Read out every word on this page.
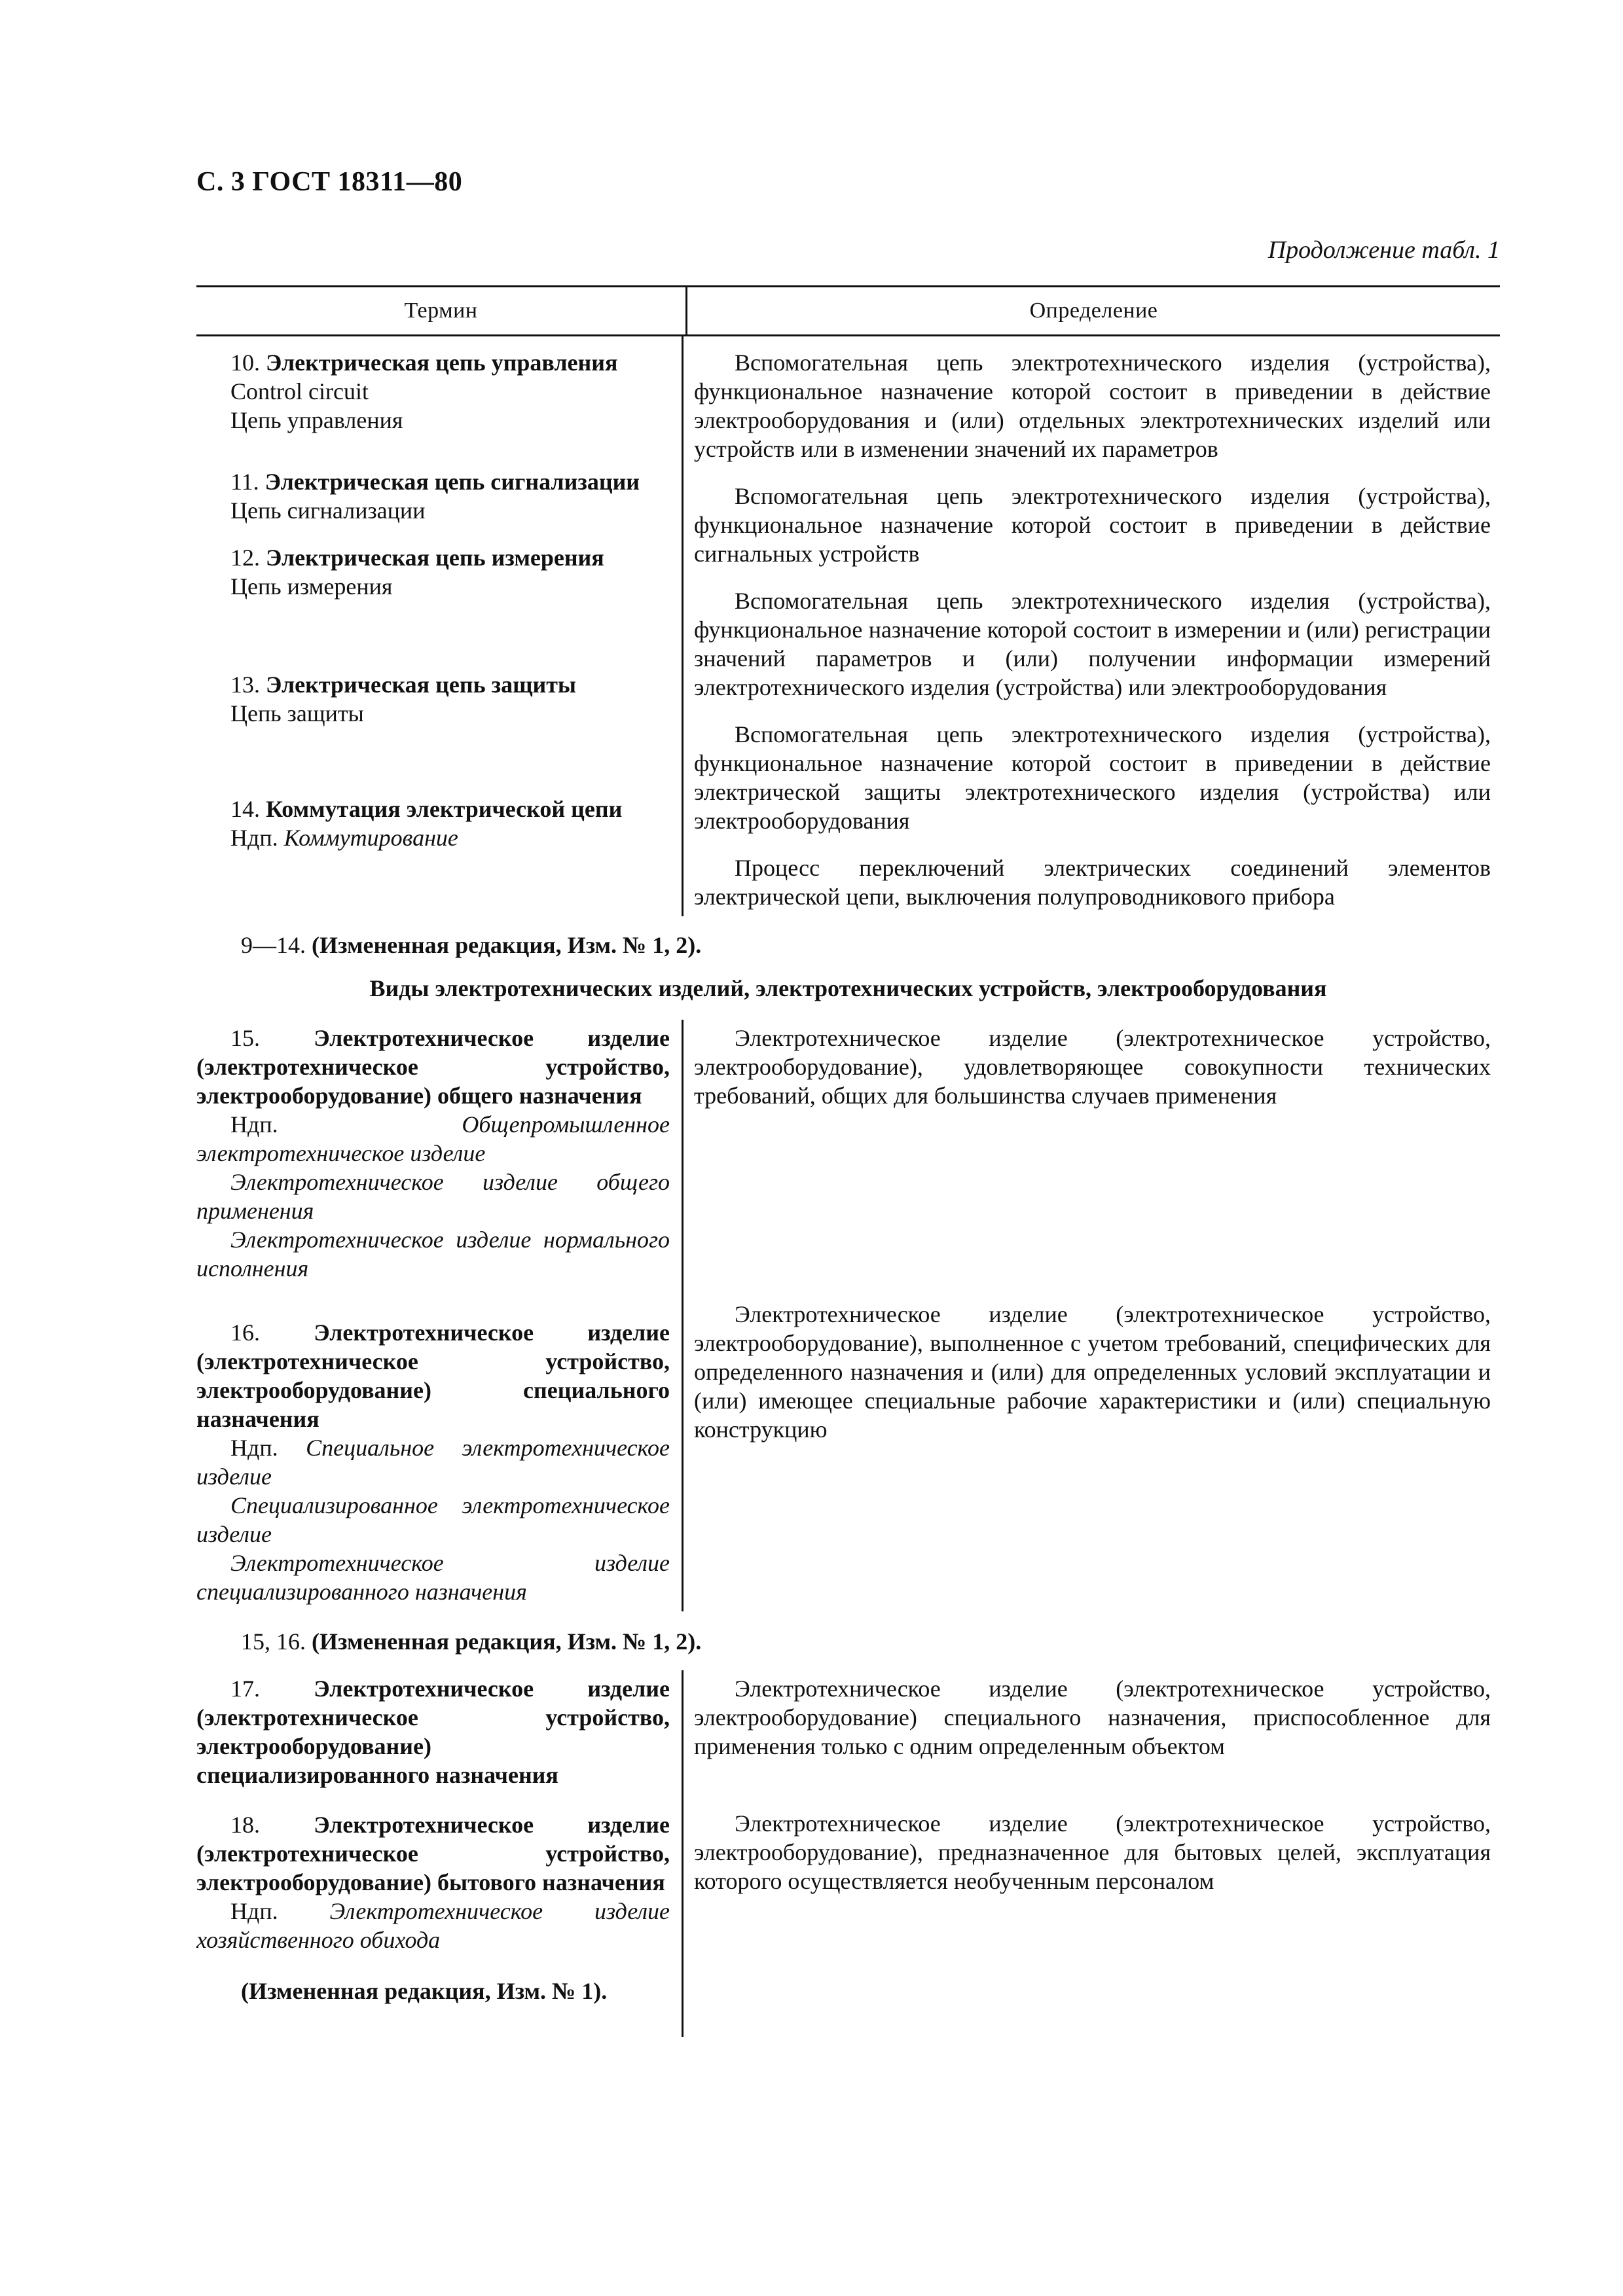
С. 3 ГОСТ 18311—80
Продолжение табл. 1
Термин	Определение

10. Электрическая цепь управления

Control circuit

Цепь управления

11. Электрическая цепь сигнализации

Цепь сигнализации

12. Электрическая цепь измерения

Цепь измерения

13. Электрическая цепь защиты

Цепь защиты

14. Коммутация электрической цепи

Ндп. Коммутирование

Вспомогательная цепь электротехнического изделия (устройства), функциональное назначение которой состоит в приведении в действие электрооборудования и (или) отдельных электротехнических изделий или устройств или в изменении значений их параметров

Вспомогательная цепь электротехнического изделия (устройства), функциональное назначение которой состоит в приведении в действие сигнальных устройств

Вспомогательная цепь электротехнического изделия (устройства), функциональное назначение которой состоит в измерении и (или) регистрации значений параметров и (или) получении информации измерений электротехнического изделия (устройства) или электрооборудования

Вспомогательная цепь электротехнического изделия (устройства), функциональное назначение которой состоит в приведении в действие электрической защиты электротехнического изделия (устройства) или электрооборудования

Процесс переключений электрических соединений элементов электрической цепи, выключения полупроводникового прибора

9—14. (Измененная редакция, Изм. № 1, 2).
Виды электротехнических изделий, электротехнических устройств, электрооборудования

15. Электротехническое изделие (электротехническое устройство, электрооборудование) общего назначения

Ндп.	Общепромышленное электротехническое изделие

Электротехническое изделие общего применения

Электротехническое изделие нормального исполнения

16. Электротехническое изделие (электротехническое устройство, электрооборудование) специального назначения

Ндп. Специальное электротехническое изделие

Специализированное электротехническое изделие

Электротехническое изделие специализированного назначения

Электротехническое изделие (электротехническое устройство, электрооборудование), удовлетворяющее совокупности технических требований, общих для большинства случаев применения

Электротехническое изделие (электротехническое устройство, электрооборудование), выполненное с учетом требований, специфических для определенного назначения и (или) для определенных условий эксплуатации и (или) имеющее специальные рабочие характеристики и (или) специальную конструкцию

15, 16. (Измененная редакция, Изм. № 1, 2).

17. Электротехническое изделие (электротехническое устройство, электрооборудование) специализированного назначения

18. Электротехническое изделие (электротехническое устройство, электрооборудование) бытового назначения

Ндп. Электротехническое изделие хозяйственного обихода

(Измененная редакция, Изм. № 1).

Электротехническое изделие (электротехническое устройство, электрооборудование) специального назначения, приспособленное для применения только с одним определенным объектом

Электротехническое изделие (электротехническое устройство, электрооборудование), предназначенное для бытовых целей, эксплуатация которого осуществляется необученным персоналом
